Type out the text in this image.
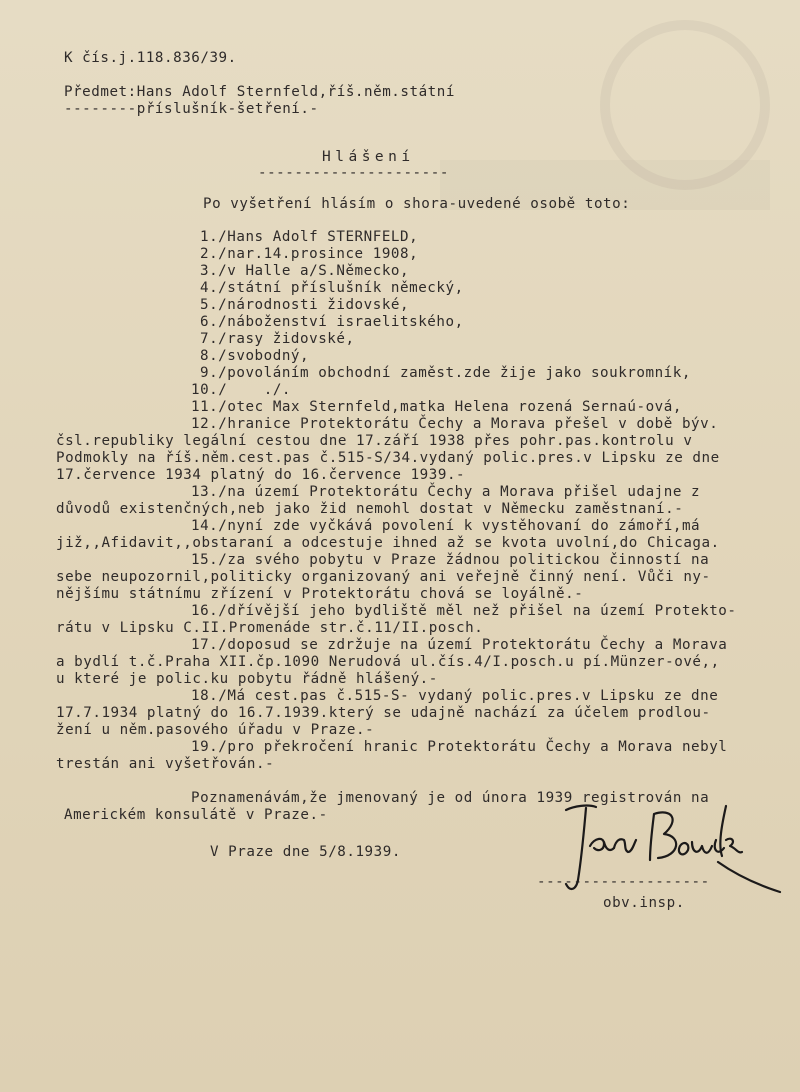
K čís.j.118.836/39.
Předmet:Hans Adolf Sternfeld,říš.něm.státní
--------příslušník-šetření.-
Hlášení
---------------------
Po vyšetření hlásím o shora-uvedené osobě toto:
1./Hans Adolf STERNFELD,
2./nar.14.prosince 1908,
3./v Halle a/S.Německo,
4./státní příslušník německý,
5./národnosti židovské,
6./náboženství israelitského,
7./rasy židovské,
8./svobodný,
9./povoláním obchodní zaměst.zde žije jako soukromník,
10./    ./.
11./otec Max Sternfeld,matka Helena rozená Sernaú-ová,
12./hranice Protektorátu Čechy a Morava přešel v době býv.
čsl.republiky legální cestou dne 17.září 1938 přes pohr.pas.kontrolu v
Podmokly na říš.něm.cest.pas č.515-S/34.vydaný polic.pres.v Lipsku ze dne
17.července 1934 platný do 16.července 1939.-
13./na území Protektorátu Čechy a Morava přišel udajne z
důvodů existenčných,neb jako žid nemohl dostat v Německu zaměstnaní.-
14./nyní zde vyčkává povolení k vystěhovaní do zámoří,má
již,,Afidavit,,obstaraní a odcestuje ihned až se kvota uvolní,do Chicaga.
15./za svého pobytu v Praze žádnou politickou činností na
sebe neupozornil,politicky organizovaný ani veřejně činný není. Vůči ny-
nějšímu státnímu zřízení v Protektorátu chová se loyálně.-
16./dřívější jeho bydliště měl než přišel na území Protekto-
rátu v Lipsku C.II.Promenáde str.č.11/II.posch.
17./doposud se zdržuje na území Protektorátu Čechy a Morava
a bydlí t.č.Praha XII.čp.1090 Nerudová ul.čís.4/I.posch.u pí.Münzer-ové,,
u které je polic.ku pobytu řádně hlášený.-
18./Má cest.pas č.515-S- vydaný polic.pres.v Lipsku ze dne
17.7.1934 platný do 16.7.1939.který se udajně nachází za účelem prodlou-
žení u něm.pasového úřadu v Praze.-
19./pro překročení hranic Protektorátu Čechy a Morava nebyl
trestán ani vyšetřován.-
Poznamenávám,že jmenovaný je od února 1939 registrován na
Americkém konsulátě v Praze.-
V Praze dne 5/8.1939.
-------------------
obv.insp.
